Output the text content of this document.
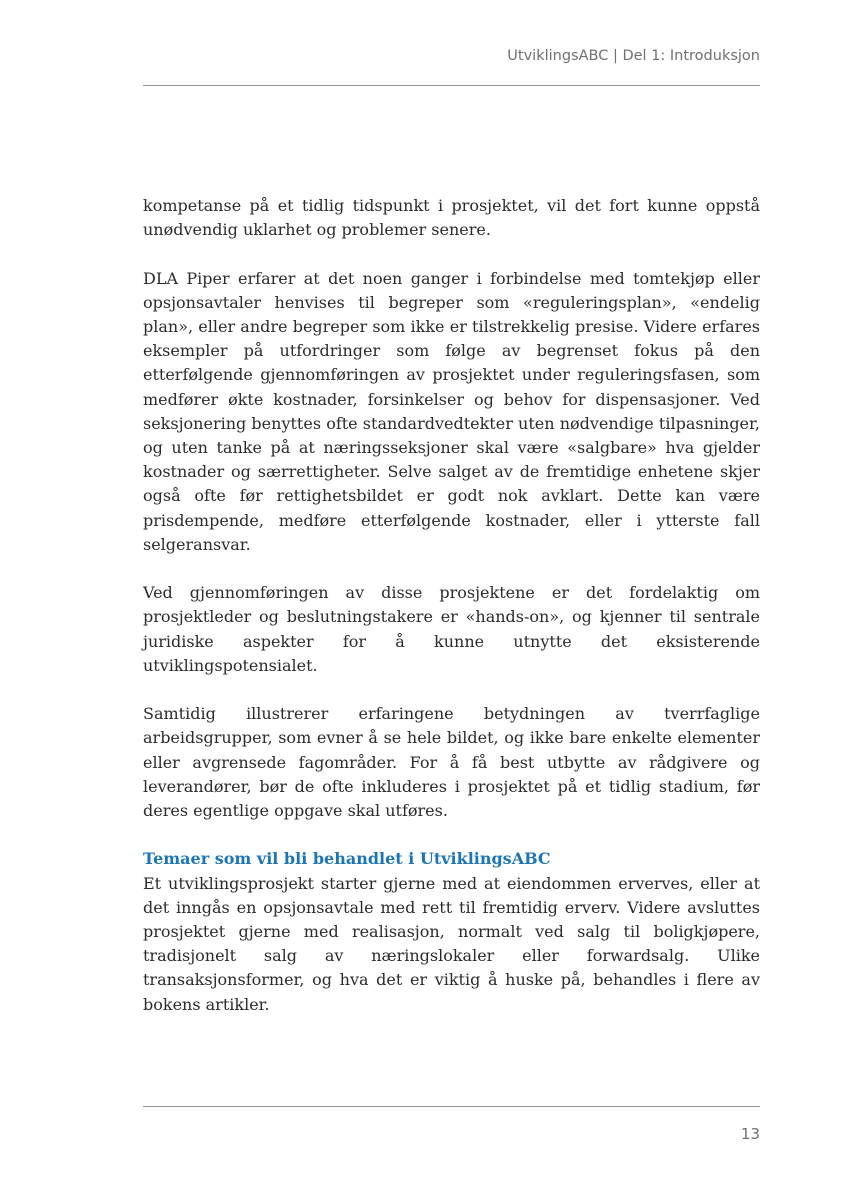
UtviklingsABC | Del 1: Introduksjon

kompetanse på et tidlig tidspunkt i prosjektet, vil det fort kunne oppstå unødvendig uklarhet og problemer senere.

DLA Piper erfarer at det noen ganger i forbindelse med tomtekjøp eller opsjonsavtaler henvises til begreper som «reguleringsplan», «endelig plan», eller andre begreper som ikke er tilstrekkelig presise. Videre erfares eksempler på utfordringer som følge av begrenset fokus på den etterfølgende gjennomføringen av prosjektet under reguleringsfasen, som medfører økte kostnader, forsinkelser og behov for dispensasjoner. Ved seksjonering benyttes ofte standardvedtekter uten nødvendige tilpasninger, og uten tanke på at næringsseksjoner skal være «salgbare» hva gjelder kostnader og særrettigheter. Selve salget av de fremtidige enhetene skjer også ofte før rettighetsbildet er godt nok avklart. Dette kan være prisdempende, medføre etterfølgende kostnader, eller i ytterste fall selgeransvar.

Ved gjennomføringen av disse prosjektene er det fordelaktig om prosjektleder og beslutningstakere er «hands-on», og kjenner til sentrale juridiske aspekter for å kunne utnytte det eksisterende utviklingspotensialet.

Samtidig illustrerer erfaringene betydningen av tverrfaglige arbeidsgrupper, som evner å se hele bildet, og ikke bare enkelte elementer eller avgrensede fagområder. For å få best utbytte av rådgivere og leverandører, bør de ofte inkluderes i prosjektet på et tidlig stadium, før deres egentlige oppgave skal utføres.

Temaer som vil bli behandlet i UtviklingsABC

Et utviklingsprosjekt starter gjerne med at eiendommen erverves, eller at det inngås en opsjonsavtale med rett til fremtidig erverv. Videre avsluttes prosjektet gjerne med realisasjon, normalt ved salg til boligkjøpere, tradisjonelt salg av næringslokaler eller forwardsalg. Ulike transaksjonsformer, og hva det er viktig å huske på, behandles i flere av bokens artikler.

13
